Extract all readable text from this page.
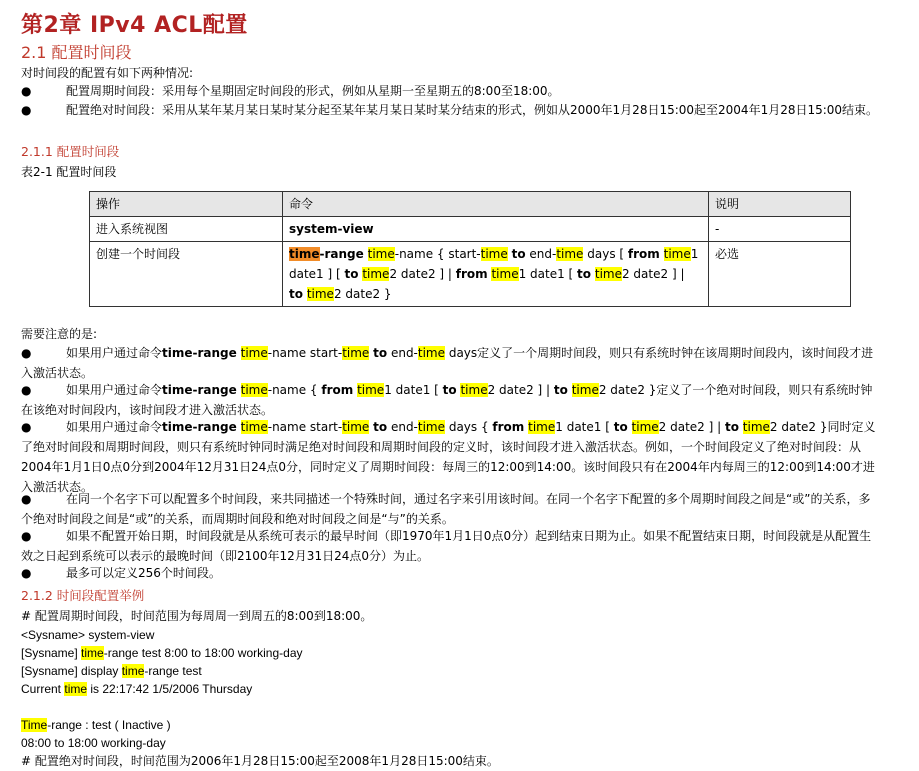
第2章 IPv4 ACL配置
2.1 配置时间段
对时间段的配置有如下两种情况:
●	配置周期时间段：采用每个星期固定时间段的形式，例如从星期一至星期五的8:00至18:00。
●	配置绝对时间段：采用从某年某月某日某时某分起至某年某月某日某时某分结束的形式，例如从2000年1月28日15:00起至2004年1月28日15:00结束。
2.1.1 配置时间段
表2-1 配置时间段
操作	命令	说明
进入系统视图	system-view	-
创建一个时间段	time-range time-name { start-time to end-time days [ from time1 date1 ] [ to time2 date2 ] | from time1 date1 [ to time2 date2 ] | to time2 date2 }	必选
需要注意的是:
●	如果用户通过命令time-range time-name start-time to end-time days定义了一个周期时间段，则只有系统时钟在该周期时间段内，该时间段才进入激活状态。
●	如果用户通过命令time-range time-name { from time1 date1 [ to time2 date2 ] | to time2 date2 }定义了一个绝对时间段，则只有系统时钟在该绝对时间段内，该时间段才进入激活状态。
●	如果用户通过命令time-range time-name start-time to end-time days { from time1 date1 [ to time2 date2 ] | to time2 date2 }同时定义了绝对时间段和周期时间段，则只有系统时钟同时满足绝对时间段和周期时间段的定义时，该时间段才进入激活状态。例如，一个时间段定义了绝对时间段：从2004年1月1日0点0分到2004年12月31日24点0分，同时定义了周期时间段：每周三的12:00到14:00。该时间段只有在2004年内每周三的12:00到14:00才进入激活状态。
●	在同一个名字下可以配置多个时间段，来共同描述一个特殊时间，通过名字来引用该时间。在同一个名字下配置的多个周期时间段之间是“或”的关系，多个绝对时间段之间是“或”的关系，而周期时间段和绝对时间段之间是“与”的关系。
●	如果不配置开始日期，时间段就是从系统可表示的最早时间（即1970年1月1日0点0分）起到结束日期为止。如果不配置结束日期，时间段就是从配置生效之日起到系统可以表示的最晚时间（即2100年12月31日24点0分）为止。
●	最多可以定义256个时间段。
2.1.2 时间段配置举例
# 配置周期时间段，时间范围为每周周一到周五的8:00到18:00。
<Sysname> system-view
[Sysname] time-range test 8:00 to 18:00 working-day
[Sysname] display time-range test
Current time is 22:17:42 1/5/2006 Thursday
Time-range : test ( Inactive )
08:00 to 18:00 working-day
# 配置绝对时间段，时间范围为2006年1月28日15:00起至2008年1月28日15:00结束。
